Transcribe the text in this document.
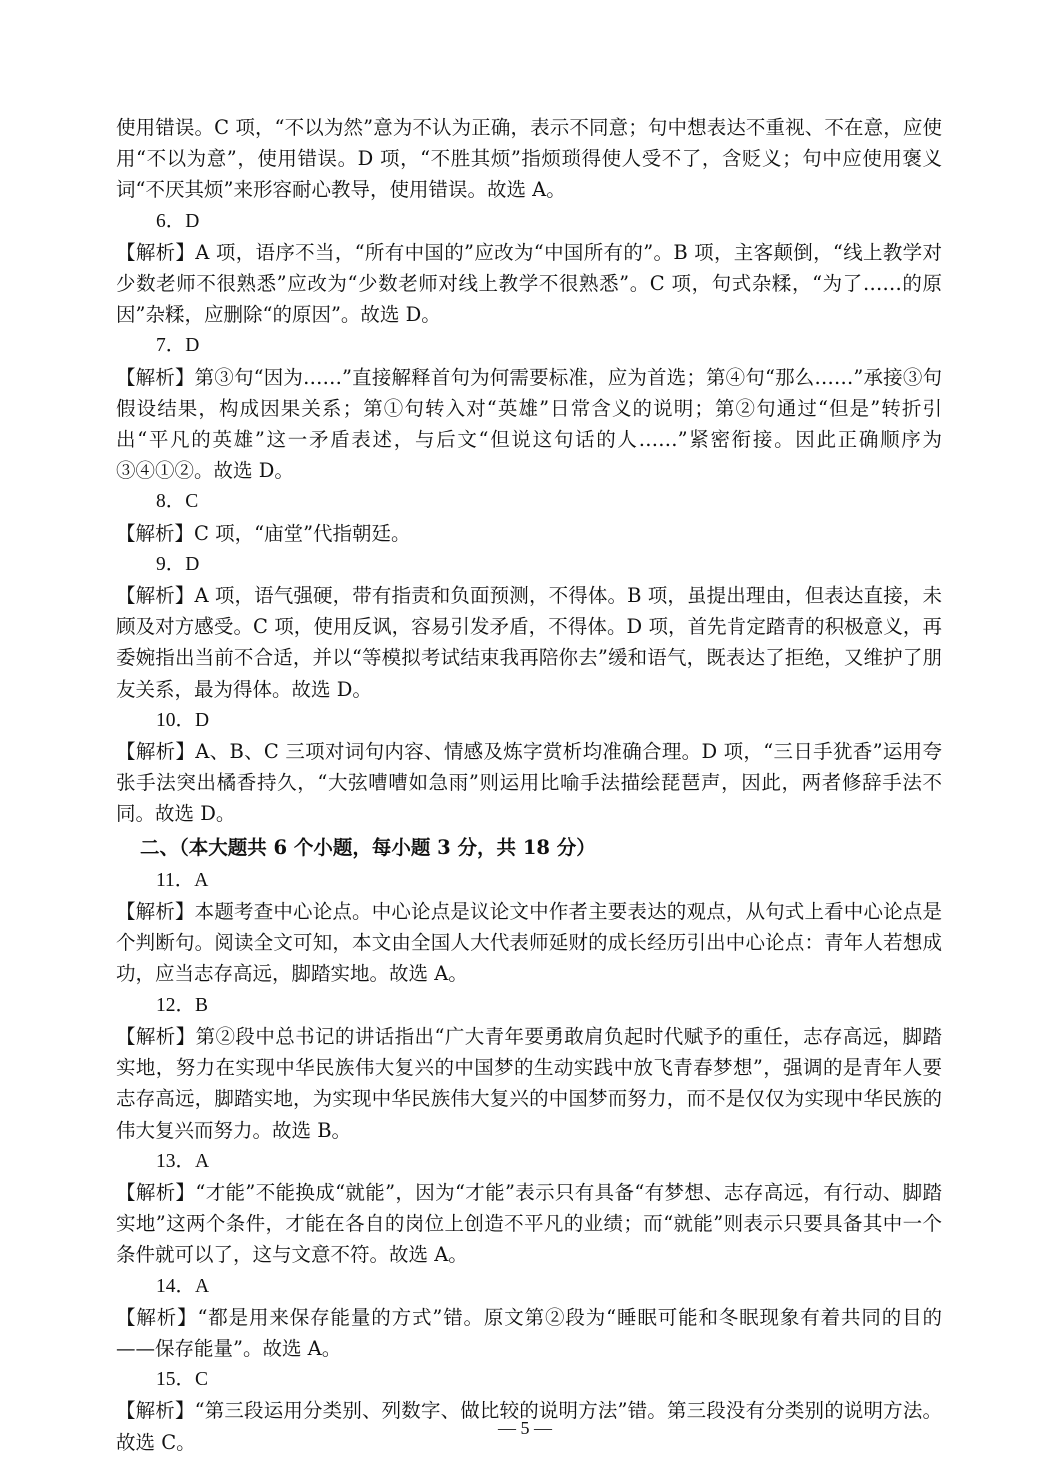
使用错误。C 项，“不以为然”意为不认为正确，表示不同意；句中想表达不重视、不在意，应使用“不以为意”，使用错误。D 项，“不胜其烦”指烦琐得使人受不了，含贬义；句中应使用褒义词“不厌其烦”来形容耐心教导，使用错误。故选 A。

6．D

【解析】A 项，语序不当，“所有中国的”应改为“中国所有的”。B 项，主客颠倒，“线上教学对少数老师不很熟悉”应改为“少数老师对线上教学不很熟悉”。C 项，句式杂糅，“为了……的原因”杂糅，应删除“的原因”。故选 D。

7．D

【解析】第③句“因为……”直接解释首句为何需要标准，应为首选；第④句“那么……”承接③句假设结果，构成因果关系；第①句转入对“英雄”日常含义的说明；第②句通过“但是”转折引出“平凡的英雄”这一矛盾表述，与后文“但说这句话的人……”紧密衔接。因此正确顺序为③④①②。故选 D。

8．C

【解析】C 项，“庙堂”代指朝廷。

9．D

【解析】A 项，语气强硬，带有指责和负面预测，不得体。B 项，虽提出理由，但表达直接，未顾及对方感受。C 项，使用反讽，容易引发矛盾，不得体。D 项，首先肯定踏青的积极意义，再委婉指出当前不合适，并以“等模拟考试结束我再陪你去”缓和语气，既表达了拒绝，又维护了朋友关系，最为得体。故选 D。

10．D

【解析】A、B、C 三项对词句内容、情感及炼字赏析均准确合理。D 项，“三日手犹香”运用夸张手法突出橘香持久，“大弦嘈嘈如急雨”则运用比喻手法描绘琵琶声，因此，两者修辞手法不同。故选 D。

二、（本大题共 6 个小题，每小题 3 分，共 18 分）

11．A

【解析】本题考查中心论点。中心论点是议论文中作者主要表达的观点，从句式上看中心论点是个判断句。阅读全文可知，本文由全国人大代表师延财的成长经历引出中心论点：青年人若想成功，应当志存高远，脚踏实地。故选 A。

12．B

【解析】第②段中总书记的讲话指出“广大青年要勇敢肩负起时代赋予的重任，志存高远，脚踏实地，努力在实现中华民族伟大复兴的中国梦的生动实践中放飞青春梦想”，强调的是青年人要志存高远，脚踏实地，为实现中华民族伟大复兴的中国梦而努力，而不是仅仅为实现中华民族的伟大复兴而努力。故选 B。

13．A

【解析】“才能”不能换成“就能”，因为“才能”表示只有具备“有梦想、志存高远，有行动、脚踏实地”这两个条件，才能在各自的岗位上创造不平凡的业绩；而“就能”则表示只要具备其中一个条件就可以了，这与文意不符。故选 A。

14．A

【解析】“都是用来保存能量的方式”错。原文第②段为“睡眠可能和冬眠现象有着共同的目的——保存能量”。故选 A。

15．C

【解析】“第三段运用分类别、列数字、做比较的说明方法”错。第三段没有分类别的说明方法。故选 C。

— 5 —
